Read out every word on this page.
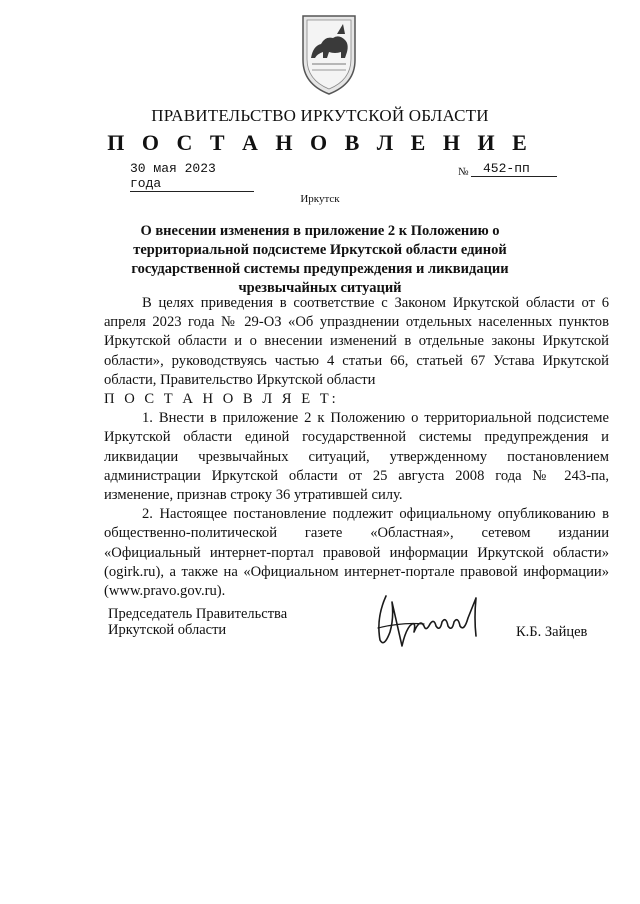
ПРАВИТЕЛЬСТВО ИРКУТСКОЙ ОБЛАСТИ
П О С Т А Н О В Л Е Н И Е
30 мая 2023 года
№	452-пп
Иркутск
О внесении изменения в приложение 2 к Положению о территориальной подсистеме Иркутской области единой государственной системы предупреждения и ликвидации чрезвычайных ситуаций

В целях приведения в соответствие с Законом Иркутской области от 6 апреля 2023 года № 29-ОЗ «Об упразднении отдельных населенных пунктов Иркутской области и о внесении изменений в отдельные законы Иркутской области», руководствуясь частью 4 статьи 66, статьей 67 Устава Иркутской области, Правительство Иркутской области

П О С Т А Н О В Л Я Е Т:

1. Внести в приложение 2 к Положению о территориальной подсистеме Иркутской области единой государственной системы предупреждения и ликвидации чрезвычайных ситуаций, утвержденному постановлением администрации Иркутской области от 25 августа 2008 года № 243-па, изменение, признав строку 36 утратившей силу.

2. Настоящее постановление подлежит официальному опубликованию в общественно-политической газете «Областная», сетевом издании «Официальный интернет-портал правовой информации Иркутской области» (ogirk.ru), а также на «Официальном интернет-портале правовой информации» (www.pravo.gov.ru).

Председатель Правительства
Иркутской области	К.Б. Зайцев
